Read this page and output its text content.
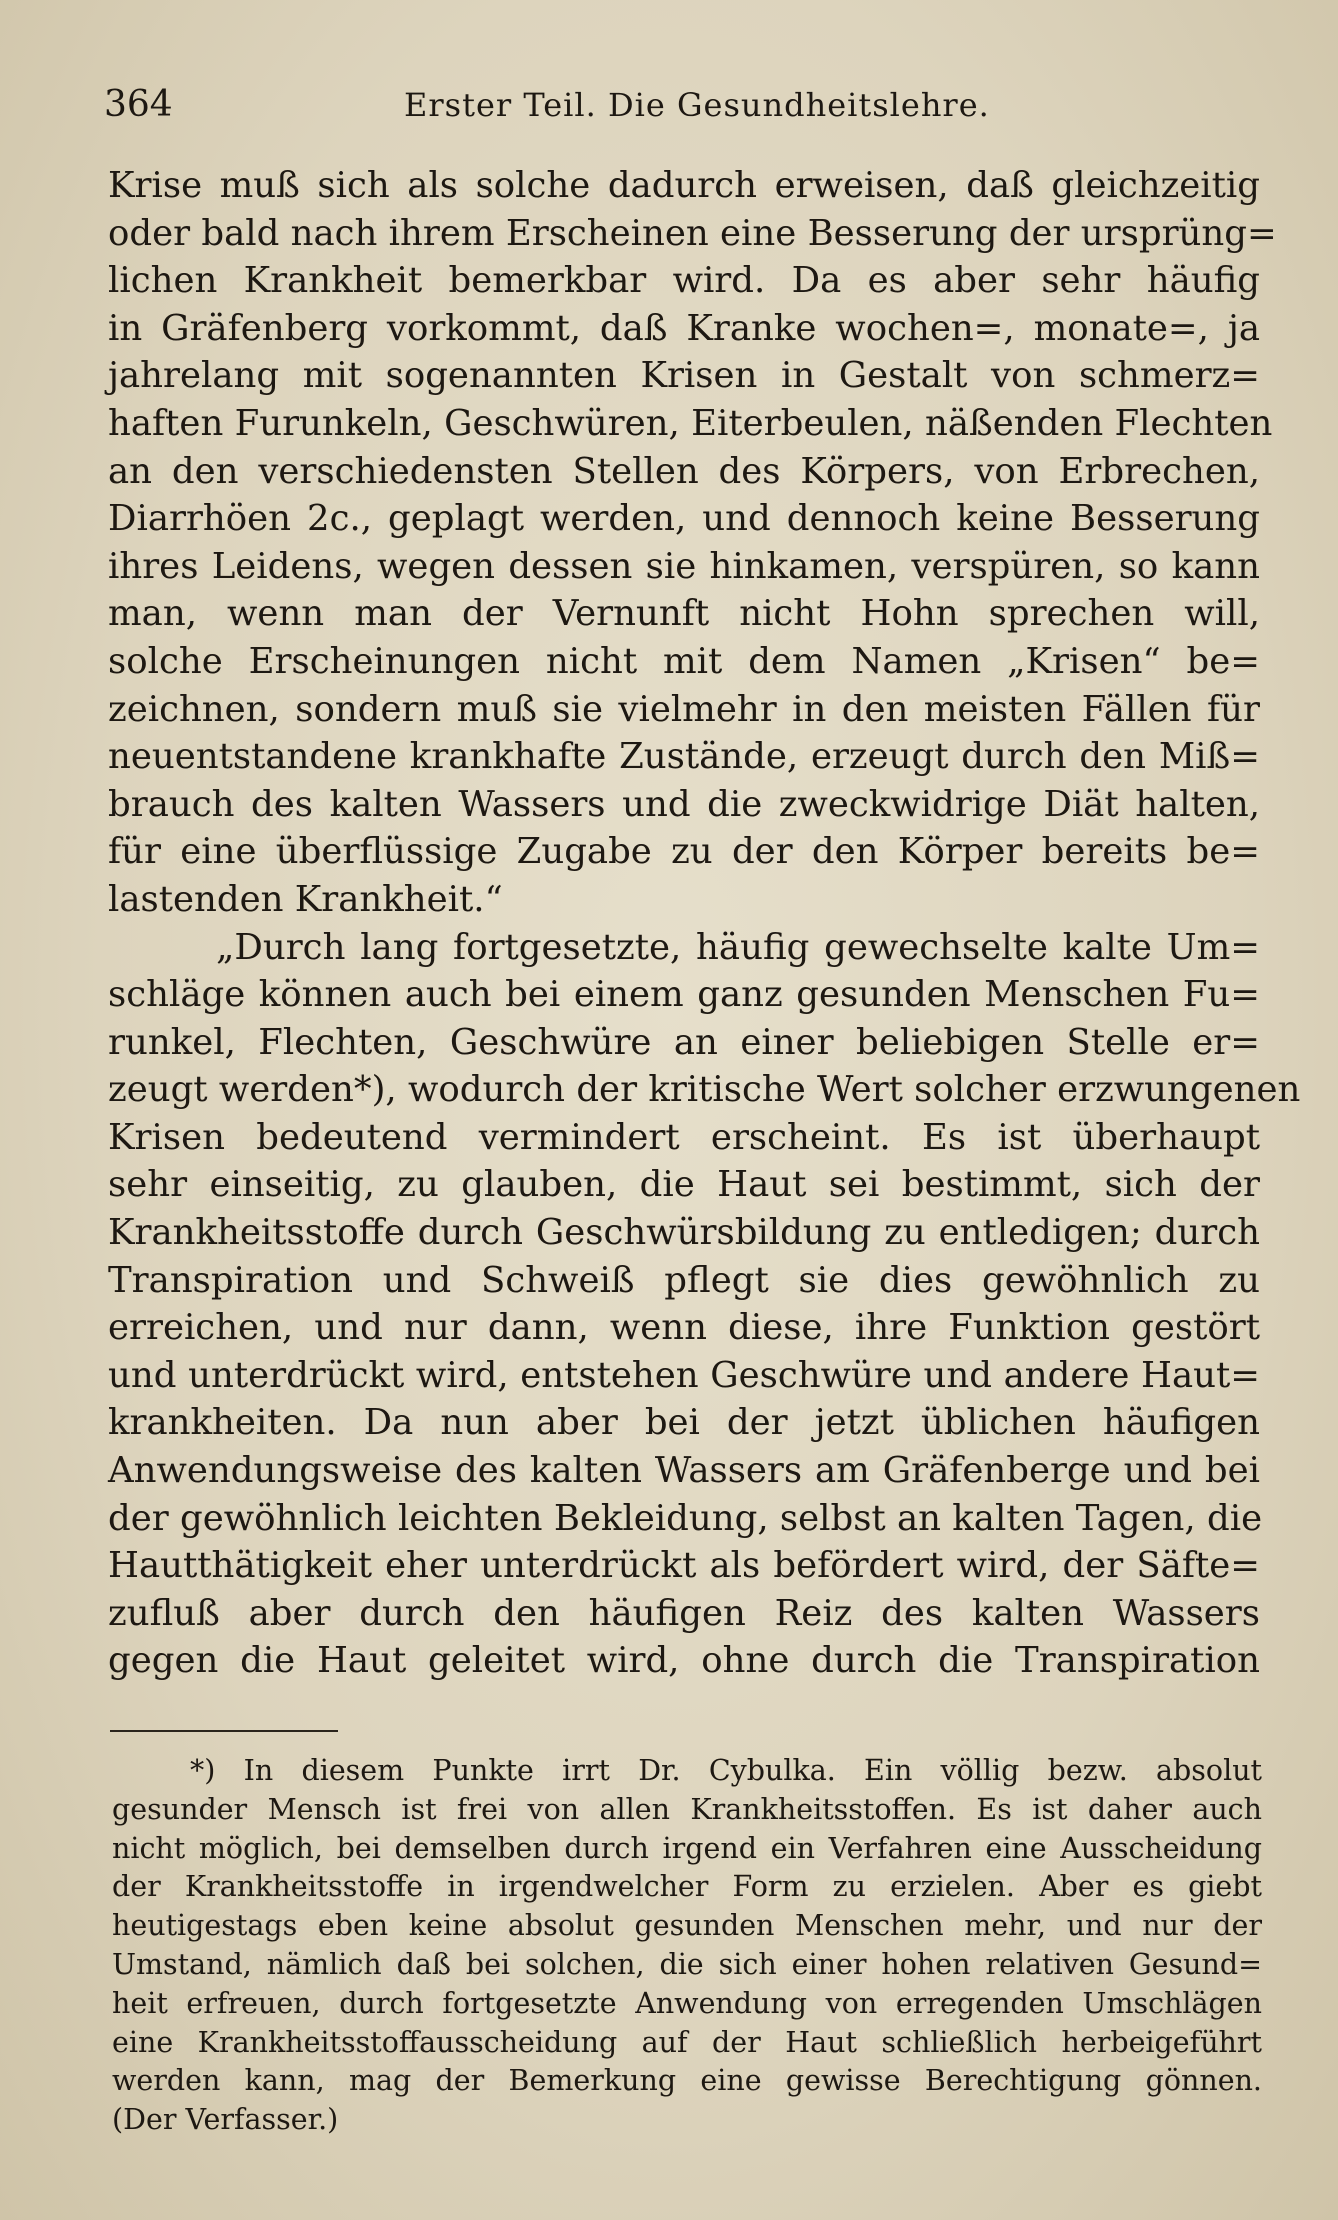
364	Erster Teil. Die Gesundheitslehre.
Krise muß sich als solche dadurch erweisen, daß gleichzeitig
oder bald nach ihrem Erscheinen eine Besserung der ursprüng=
lichen Krankheit bemerkbar wird. Da es aber sehr häufig
in Gräfenberg vorkommt, daß Kranke wochen=, monate=, ja
jahrelang mit sogenannten Krisen in Gestalt von schmerz=
haften Furunkeln, Geschwüren, Eiterbeulen, näßenden Flechten
an den verschiedensten Stellen des Körpers, von Erbrechen,
Diarrhöen 2c., geplagt werden, und dennoch keine Besserung
ihres Leidens, wegen dessen sie hinkamen, verspüren, so kann
man, wenn man der Vernunft nicht Hohn sprechen will,
solche Erscheinungen nicht mit dem Namen „Krisen“ be=
zeichnen, sondern muß sie vielmehr in den meisten Fällen für
neuentstandene krankhafte Zustände, erzeugt durch den Miß=
brauch des kalten Wassers und die zweckwidrige Diät halten,
für eine überflüssige Zugabe zu der den Körper bereits be=
lastenden Krankheit.“
„Durch lang fortgesetzte, häufig gewechselte kalte Um=
schläge können auch bei einem ganz gesunden Menschen Fu=
runkel, Flechten, Geschwüre an einer beliebigen Stelle er=
zeugt werden*), wodurch der kritische Wert solcher erzwungenen
Krisen bedeutend vermindert erscheint. Es ist überhaupt
sehr einseitig, zu glauben, die Haut sei bestimmt, sich der
Krankheitsstoffe durch Geschwürsbildung zu entledigen; durch
Transpiration und Schweiß pflegt sie dies gewöhnlich zu
erreichen, und nur dann, wenn diese, ihre Funktion gestört
und unterdrückt wird, entstehen Geschwüre und andere Haut=
krankheiten. Da nun aber bei der jetzt üblichen häufigen
Anwendungsweise des kalten Wassers am Gräfenberge und bei
der gewöhnlich leichten Bekleidung, selbst an kalten Tagen, die
Hautthätigkeit eher unterdrückt als befördert wird, der Säfte=
zufluß aber durch den häufigen Reiz des kalten Wassers
gegen die Haut geleitet wird, ohne durch die Transpiration
*) In diesem Punkte irrt Dr. Cybulka. Ein völlig bezw. absolut
gesunder Mensch ist frei von allen Krankheitsstoffen. Es ist daher auch
nicht möglich, bei demselben durch irgend ein Verfahren eine Ausscheidung
der Krankheitsstoffe in irgendwelcher Form zu erzielen. Aber es giebt
heutigestags eben keine absolut gesunden Menschen mehr, und nur der
Umstand, nämlich daß bei solchen, die sich einer hohen relativen Gesund=
heit erfreuen, durch fortgesetzte Anwendung von erregenden Umschlägen
eine Krankheitsstoffausscheidung auf der Haut schließlich herbeigeführt
werden kann, mag der Bemerkung eine gewisse Berechtigung gönnen.
(Der Verfasser.)
